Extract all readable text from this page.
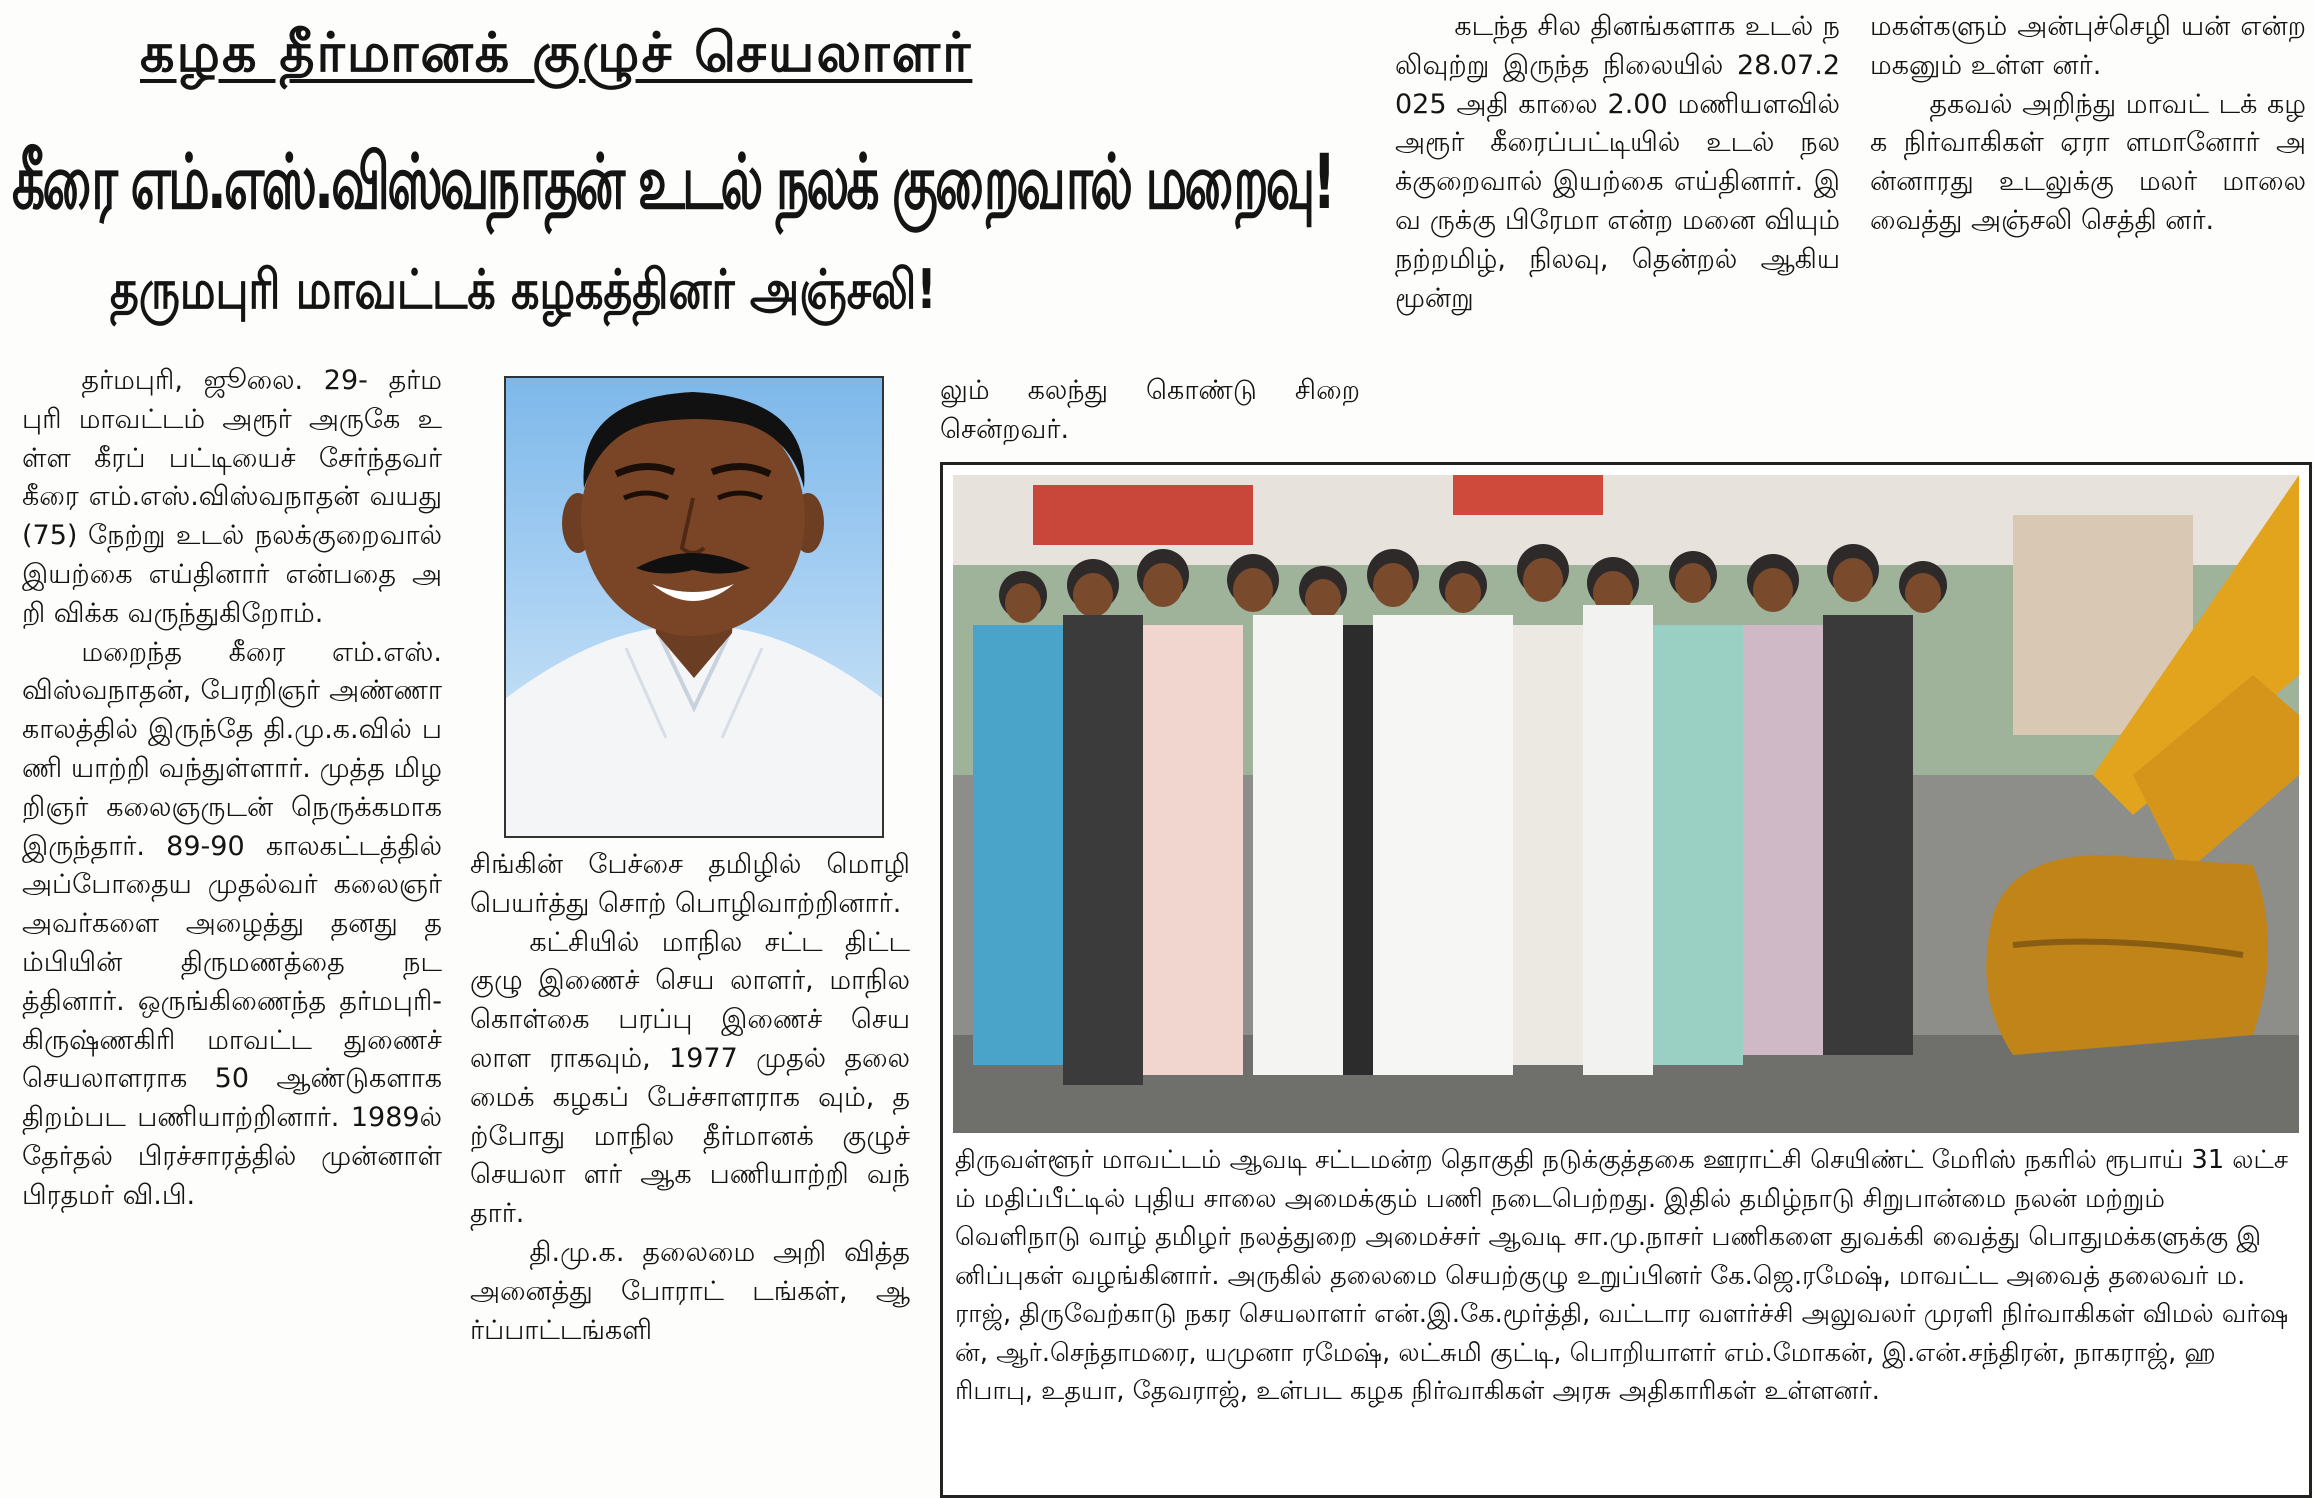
கழக தீர்மானக் குழுச் செயலாளர்
கீரை எம்.எஸ்.விஸ்வநாதன் உடல் நலக் குறைவால் மறைவு!
தருமபுரி மாவட்டக் கழகத்தினர் அஞ்சலி!

தர்மபுரி, ஜூலை. 29- தர்மபுரி மாவட்டம் அரூர் அருகே உள்ள கீரப் பட்டியைச் சேர்ந்தவர் கீரை எம்.எஸ்.விஸ்வநாதன் வயது (75) நேற்று உடல் நலக்குறைவால் இயற்கை எய்தினார் என்பதை அறி விக்க வருந்துகிறோம்.

மறைந்த கீரை எம்.எஸ். விஸ்வநாதன், பேரறிஞர் அண்ணா காலத்தில் இருந்தே தி.மு.க.வில் பணி யாற்றி வந்துள்ளார். முத்த மிழறிஞர் கலைஞருடன் நெருக்கமாக இருந்தார். 89-90 காலகட்டத்தில் அப்போதைய முதல்வர் கலைஞர் அவர்களை அழைத்து தனது தம்பியின் திருமணத்தை நடத்தினார். ஒருங்கிணைந்த தர்மபுரி- கிருஷ்ணகிரி மாவட்ட துணைச் செயலாளராக 50 ஆண்டுகளாக திறம்பட பணியாற்றினார். 1989ல் தேர்தல் பிரச்சாரத்தில் முன்னாள் பிரதமர் வி.பி.

சிங்கின் பேச்சை தமிழில் மொழி பெயர்த்து சொற் பொழிவாற்றினார்.

கட்சியில் மாநில சட்ட திட்ட குழு இணைச் செய லாளர், மாநில கொள்கை பரப்பு இணைச் செயலாள ராகவும், 1977 முதல் தலை மைக் கழகப் பேச்சாளராக வும், தற்போது மாநில தீர்மானக் குழுச் செயலா ளர் ஆக பணியாற்றி வந் தார்.

தி.மு.க. தலைமை அறி வித்த அனைத்து போராட் டங்கள், ஆர்ப்பாட்டங்களி

லும் கலந்து கொண்டு சிறை சென்றவர்.

கடந்த சில தினங்களாக உடல் நலிவுற்று இருந்த நிலையில் 28.07.2025 அதி காலை 2.00 மணியளவில் அரூர் கீரைப்பட்டியில் உடல் நலக்குறைவால் இயற்கை எய்தினார். இவ ருக்கு பிரேமா என்ற மனை வியும் நற்றமிழ், நிலவு, தென்றல் ஆகிய மூன்று

மகள்களும் அன்புச்செழி யன் என்ற மகனும் உள்ள னர்.

தகவல் அறிந்து மாவட் டக் கழக நிர்வாகிகள் ஏரா ளமானோர் அன்னாரது உடலுக்கு மலர் மாலை வைத்து அஞ்சலி செத்தி னர்.

திருவள்ளூர் மாவட்டம் ஆவடி சட்டமன்ற தொகுதி நடுக்குத்தகை ஊராட்சி செயிண்ட் மேரிஸ் நகரில் ரூபாய் 31 லட்சம் மதிப்பீட்டில் புதிய சாலை அமைக்கும் பணி நடைபெற்றது. இதில் தமிழ்நாடு சிறுபான்மை நலன் மற்றும் வெளிநாடு வாழ் தமிழர் நலத்துறை அமைச்சர் ஆவடி சா.மு.நாசர் பணிகளை துவக்கி வைத்து பொதுமக்களுக்கு இனிப்புகள் வழங்கினார். அருகில் தலைமை செயற்குழு உறுப்பினர் கே.ஜெ.ரமேஷ், மாவட்ட அவைத் தலைவர் ம.ராஜ், திருவேற்காடு நகர செயலாளர் என்.இ.கே.மூர்த்தி, வட்டார வளர்ச்சி அலுவலர் முரளி நிர்வாகிகள் விமல் வர்ஷன், ஆர்.செந்தாமரை, யமுனா ரமேஷ், லட்சுமி குட்டி, பொறியாளர் எம்.மோகன், இ.என்.சந்திரன், நாகராஜ், ஹரிபாபு, உதயா, தேவராஜ், உள்பட கழக நிர்வாகிகள் அரசு அதிகாரிகள் உள்ளனர்.
